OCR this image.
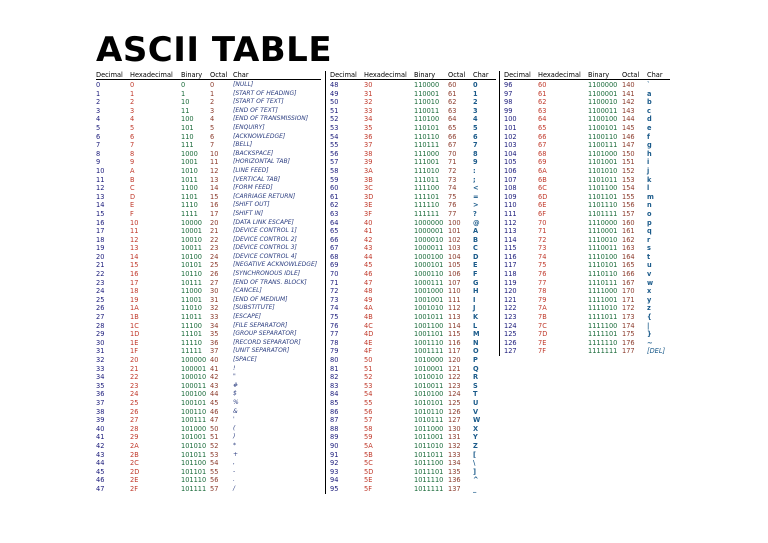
ASCII TABLE
Decimal	Hexadecimal	Binary	Octal Char
0	0	0	0	[NULL]
1	1	1	1	[START OF HEADING]
2	2	10	2	[START OF TEXT]
3	3	11	3	[END OF TEXT]
4	4	100	4	[END OF TRANSMISSION]
5	5	101	5	[ENQUIRY]
6	6	110	6	[ACKNOWLEDGE]
7	7	111	7	[BELL]
8	8	1000	10	[BACKSPACE]
9	9	1001	11	[HORIZONTAL TAB]
10	A	1010	12	[LINE FEED]
11	B	1011	13	[VERTICAL TAB]
12	C	1100	14	[FORM FEED]
13	D	1101	15	[CARRIAGE RETURN]
14	E	1110	16	[SHIFT OUT]
15	F	1111	17	[SHIFT IN]
16	10	10000	20	[DATA LINK ESCAPE]
17	11	10001	21	[DEVICE CONTROL 1]
18	12	10010	22	[DEVICE CONTROL 2]
19	13	10011	23	[DEVICE CONTROL 3]
20	14	10100	24	[DEVICE CONTROL 4]
21	15	10101	25	[NEGATIVE ACKNOWLEDGE]
22	16	10110	26	[SYNCHRONOUS IDLE]
23	17	10111	27	[END OF TRANS. BLOCK]
24	18	11000	30	[CANCEL]
25	19	11001	31	[END OF MEDIUM]
26	1A	11010	32	[SUBSTITUTE]
27	1B	11011	33	[ESCAPE]
28	1C	11100	34	[FILE SEPARATOR]
29	1D	11101	35	[GROUP SEPARATOR]
30	1E	11110	36	[RECORD SEPARATOR]
31	1F	11111	37	[UNIT SEPARATOR]
32	20	100000 40	[SPACE]
33	21	100001 41	!
34	22	100010 42	"
35	23	100011 43	#
36	24	100100 44	$
37	25	100101 45	%
38	26	100110 46	&
39	27	100111 47	'
40	28	101000 50	(
41	29	101001 51	)
42	2A	101010 52	*
43	2B	101011 53	+
44	2C	101100 54	,
45	2D	101101 55	-
46	2E	101110 56	.
47	2F	101111 57	/
Decimal	Hexadecimal	Binary	Octal	Char
48	30	110000	60	0
49	31	110001	61	1
50	32	110010	62	2
51	33	110011	63	3
52	34	110100	64	4
53	35	110101	65	5
54	36	110110	66	6
55	37	110111	67	7
56	38	111000	70	8
57	39	111001	71	9
58	3A	111010	72	:
59	3B	111011	73	;
60	3C	111100	74	<
61	3D	111101	75	=
62	3E	111110	76	>
63	3F	111111	77	?
64	40	1000000 100	@
65	41	1000001 101	A
66	42	1000010 102	B
67	43	1000011 103	C
68	44	1000100 104	D
69	45	1000101 105	E
70	46	1000110 106	F
71	47	1000111 107	G
72	48	1001000 110	H
73	49	1001001 111	I
74	4A	1001010 112	J
75	4B	1001011 113	K
76	4C	1001100 114	L
77	4D	1001101 115	M
78	4E	1001110 116	N
79	4F	1001111 117	O
80	50	1010000 120	P
81	51	1010001 121	Q
82	52	1010010 122	R
83	53	1010011 123	S
84	54	1010100 124	T
85	55	1010101 125	U
86	56	1010110 126	V
87	57	1010111 127	W
88	58	1011000 130	X
89	59	1011001 131	Y
90	5A	1011010 132	Z
91	5B	1011011 133	[
92	5C	1011100 134	\
93	5D	1011101 135	]
94	5E	1011110 136	^
95	5F	1011111 137	_
Decimal	Hexadecimal	Binary	Octal	Char
96	60	1100000 140	`
97	61	1100001 141	a
98	62	1100010 142	b
99	63	1100011 143	c
100	64	1100100 144	d
101	65	1100101 145	e
102	66	1100110 146	f
103	67	1100111 147	g
104	68	1101000 150	h
105	69	1101001 151	i
106	6A	1101010 152	j
107	6B	1101011 153	k
108	6C	1101100 154	l
109	6D	1101101 155	m
110	6E	1101110 156	n
111	6F	1101111 157	o
112	70	1110000 160	p
113	71	1110001 161	q
114	72	1110010 162	r
115	73	1110011 163	s
116	74	1110100 164	t
117	75	1110101 165	u
118	76	1110110 166	v
119	77	1110111 167	w
120	78	1111000 170	x
121	79	1111001 171	y
122	7A	1111010 172	z
123	7B	1111011 173	{
124	7C	1111100 174	|
125	7D	1111101 175	}
126	7E	1111110 176	~
127	7F	1111111 177	[DEL]
